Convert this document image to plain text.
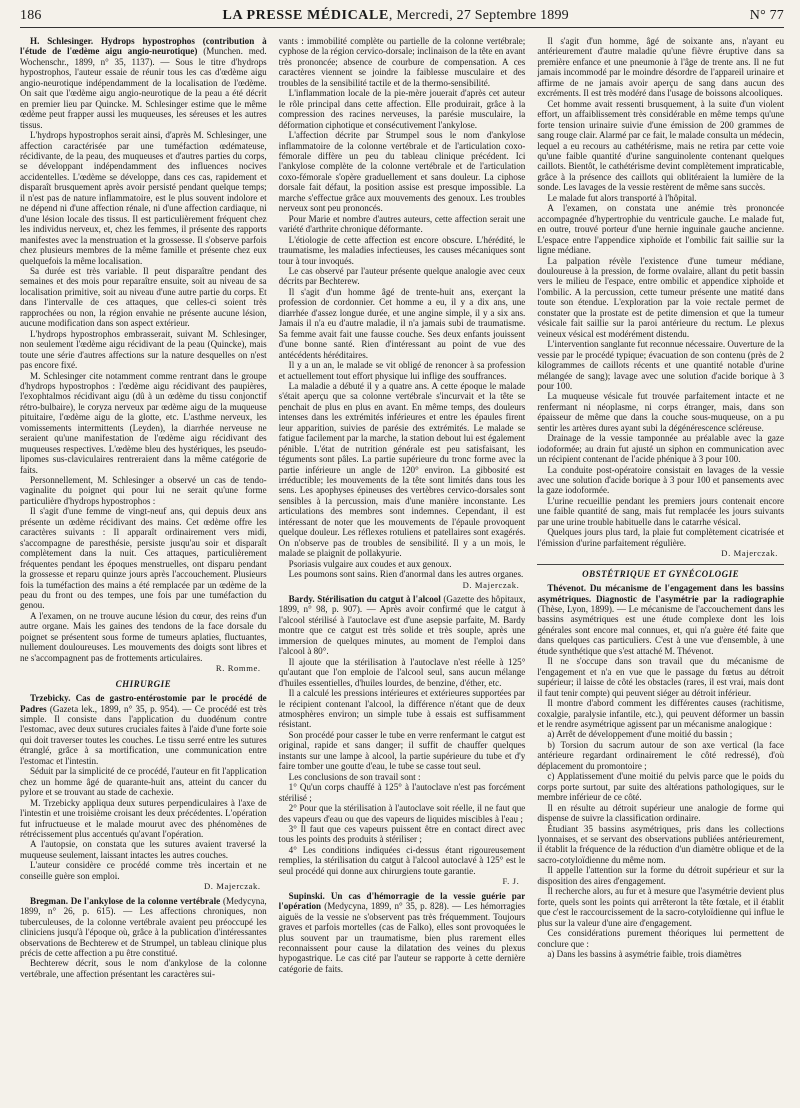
186	LA PRESSE MÉDICALE, Mercredi, 27 Septembre 1899	N° 77

H. Schlesinger. Hydrops hypostrophos (contribution à l'étude de l'œdème aigu angio-neurotique) (Munchen. med. Wochenschr., 1899, n° 35, 1137). — Sous le titre d'hydrops hypostrophos, l'auteur essaie de réunir tous les cas d'œdème aigu angio-neurotique indépendamment de la localisation de l'œdème. On sait que l'œdème aigu angio-neurotique de la peau a été décrit en premier lieu par Quincke. M. Schlesinger estime que le même œdème peut frapper aussi les muqueuses, les séreuses et les autres tissus.

L'hydrops hypostrophos serait ainsi, d'après M. Schlesinger, une affection caractérisée par une tuméfaction œdémateuse, récidivante, de la peau, des muqueuses et d'autres parties du corps, se développant indépendamment des influences nocives accidentelles. L'œdème se développe, dans ces cas, rapidement et disparaît brusquement après avoir persisté pendant quelque temps; il n'est pas de nature inflammatoire, est le plus souvent indolore et ne dépend ni d'une affection rénale, ni d'une affection cardiaque, ni d'une lésion locale des tissus. Il est particulièrement fréquent chez les individus nerveux, et, chez les femmes, il présente des rapports manifestes avec la menstruation et la grossesse. Il s'observe parfois chez plusieurs membres de la même famille et présente chez eux quelquefois la même localisation.

Sa durée est très variable. Il peut disparaître pendant des semaines et des mois pour reparaître ensuite, soit au niveau de sa localisation primitive, soit au niveau d'une autre partie du corps. Et dans l'intervalle de ces attaques, que celles-ci soient très rapprochées ou non, la région envahie ne présente aucune lésion, aucune modification dans son aspect extérieur.

L'hydrops hypostrophos embrasserait, suivant M. Schlesinger, non seulement l'œdème aigu récidivant de la peau (Quincke), mais toute une série d'autres affections sur la nature desquelles on n'est pas encore fixé.

M. Schlesinger cite notamment comme rentrant dans le groupe d'hydrops hypostrophos : l'œdème aigu récidivant des paupières, l'exophtalmos récidivant aigu (dû à un œdème du tissu conjonctif rétro-bulbaire), le coryza nerveux par œdème aigu de la muqueuse pituitaire, l'œdème aigu de la glotte, etc. L'asthme nerveux, les vomissements intermittents (Leyden), la diarrhée nerveuse ne seraient qu'une manifestation de l'œdème aigu récidivant des muqueuses respectives. L'œdème bleu des hystériques, les pseudo-lipomes sus-claviculaires rentreraient dans la même catégorie de faits.

Personnellement, M. Schlesinger a observé un cas de tendo-vaginalite du poignet qui pour lui ne serait qu'une forme particulière d'hydrops hypostrophos :

Il s'agit d'une femme de vingt-neuf ans, qui depuis deux ans présente un œdème récidivant des mains. Cet œdème offre les caractères suivants : Il apparaît ordinairement vers midi, s'accompagne de paresthésie, persiste jusqu'au soir et disparaît complètement dans la nuit. Ces attaques, particulièrement fréquentes pendant les époques menstruelles, ont disparu pendant la grossesse et reparu quinze jours après l'accouchement. Plusieurs fois la tuméfaction des mains a été remplacée par un œdème de la peau du front ou des tempes, une fois par une tuméfaction du genou.

A l'examen, on ne trouve aucune lésion du cœur, des reins d'un autre organe. Mais les gaines des tendons de la face dorsale du poignet se présentent sous forme de tumeurs aplaties, fluctuantes, nullement douloureuses. Les mouvements des doigts sont libres et ne s'accompagnent pas de frottements articulaires.

R. Romme.
CHIRURGIE

Trzebicky. Cas de gastro-entérostomie par le procédé de Padres (Gazeta lek., 1899, n° 35, p. 954). — Ce procédé est très simple. Il consiste dans l'application du duodénum contre l'estomac, avec deux sutures cruciales faites à l'aide d'une forte soie qui doit traverser toutes les couches. Le tissu serré entre les sutures étranglé, grâce à sa mortification, une communication entre l'estomac et l'intestin.

Séduit par la simplicité de ce procédé, l'auteur en fit l'application chez un homme âgé de quarante-huit ans, atteint du cancer du pylore et se trouvant au stade de cachexie.

M. Trzebicky appliqua deux sutures perpendiculaires à l'axe de l'intestin et une troisième croisant les deux précédentes. L'opération fut infructueuse et le malade mourut avec des phénomènes de rétrécissement plus accentués qu'avant l'opération.

A l'autopsie, on constata que les sutures avaient traversé la muqueuse seulement, laissant intactes les autres couches.

L'auteur considère ce procédé comme très incertain et ne conseille guère son emploi.

D. Majerczak.

Bregman. De l'ankylose de la colonne vertébrale (Medycyna, 1899, n° 26, p. 615). — Les affections chroniques, non tuberculeuses, de la colonne vertébrale avaient peu préoccupé les cliniciens jusqu'à l'époque où, grâce à la publication d'intéressantes observations de Bechterew et de Strumpel, un tableau clinique plus précis de cette affection a pu être constitué.

Bechterew décrit, sous le nom d'ankylose de la colonne vertébrale, une affection présentant les caractères sui-

vants : immobilité complète ou partielle de la colonne vertébrale; cyphose de la région cervico-dorsale; inclinaison de la tête en avant très prononcée; absence de courbure de compensation. A ces caractères viennent se joindre la faiblesse musculaire et des troubles de la sensibilité tactile et de la thermo-sensibilité.

L'inflammation locale de la pie-mère jouerait d'après cet auteur le rôle principal dans cette affection. Elle produirait, grâce à la compression des racines nerveuses, la parésie musculaire, la déformation ciphotique et consécutivement l'ankylose.

L'affection décrite par Strumpel sous le nom d'ankylose inflammatoire de la colonne vertébrale et de l'articulation coxo-fémorale diffère un peu du tableau clinique précédent. Ici l'ankylose complète de la colonne vertébrale et de l'articulation coxo-fémorale s'opère graduellement et sans douleur. La ciphose dorsale fait défaut, la position assise est presque impossible. La marche s'effectue grâce aux mouvements des genoux. Les troubles nerveux sont peu prononcés.

Pour Marie et nombre d'autres auteurs, cette affection serait une variété d'arthrite chronique déformante.

L'étiologie de cette affection est encore obscure. L'hérédité, le traumatisme, les maladies infectieuses, les causes mécaniques sont tour à tour invoqués.

Le cas observé par l'auteur présente quelque analogie avec ceux décrits par Bechterew.

Il s'agit d'un homme âgé de trente-huit ans, exerçant la profession de cordonnier. Cet homme a eu, il y a dix ans, une diarrhée d'assez longue durée, et une angine simple, il y a six ans. Jamais il n'a eu d'autre maladie, il n'a jamais subi de traumatisme. Sa femme avait fait une fausse couche. Ses deux enfants jouissent d'une bonne santé. Rien d'intéressant au point de vue des antécédents héréditaires.

Il y a un an, le malade se vit obligé de renoncer à sa profession et actuellement tout effort physique lui inflige des souffrances.

La maladie a débuté il y a quatre ans. A cette époque le malade s'était aperçu que sa colonne vertébrale s'incurvait et la tête se penchait de plus en plus en avant. En même temps, des douleurs intenses dans les extrémités inférieures et entre les épaules firent leur apparition, suivies de parésie des extrémités. Le malade se fatigue facilement par la marche, la station debout lui est également pénible. L'état de nutrition générale est peu satisfaisant, les téguments sont pâles. La partie supérieure du tronc forme avec la partie inférieure un angle de 120° environ. La gibbosité est irréductible; les mouvements de la tête sont limités dans tous les sens. Les apophyses épineuses des vertèbres cervico-dorsales sont sensibles à la percussion, mais d'une manière inconstante. Les articulations des membres sont indemnes. Cependant, il est intéressant de noter que les mouvements de l'épaule provoquent quelque douleur. Les réflexes rotuliens et patellaires sont exagérés. On n'observe pas de troubles de sensibilité. Il y a un mois, le malade se plaignit de pollakyurie.

Psoriasis vulgaire aux coudes et aux genoux.

Les poumons sont sains. Rien d'anormal dans les autres organes.

D. Majerczak.

Bardy. Stérilisation du catgut à l'alcool (Gazette des hôpitaux, 1899, n° 98, p. 907). — Après avoir confirmé que le catgut à l'alcool stérilisé à l'autoclave est d'une asepsie parfaite, M. Bardy montre que ce catgut est très solide et très souple, après une immersion de quelques minutes, au moment de l'emploi dans l'alcool à 80°.

Il ajoute que la stérilisation à l'autoclave n'est réelle à 125° qu'autant que l'on emploie de l'alcool seul, sans aucun mélange d'huiles essentielles, d'huiles lourdes, de benzine, d'éther, etc.

Il a calculé les pressions intérieures et extérieures supportées par le récipient contenant l'alcool, la différence n'étant que de deux atmosphères environ; un simple tube à essais est suffisamment résistant.

Son procédé pour casser le tube en verre renfermant le catgut est original, rapide et sans danger; il suffit de chauffer quelques instants sur une lampe à alcool, la partie supérieure du tube et d'y faire tomber une goutte d'eau, le tube se casse tout seul.

Les conclusions de son travail sont :

1° Qu'un corps chauffé à 125° à l'autoclave n'est pas forcément stérilisé ;

2° Pour que la stérilisation à l'autoclave soit réelle, il ne faut que des vapeurs d'eau ou que des vapeurs de liquides miscibles à l'eau ;

3° Il faut que ces vapeurs puissent être en contact direct avec tous les points des produits à stériliser ;

4° Les conditions indiquées ci-dessus étant rigoureusement remplies, la stérilisation du catgut à l'alcool autoclavé à 125° est le seul procédé qui donne aux chirurgiens toute garantie.

F. J.

Supinski. Un cas d'hémorragie de la vessie guérie par l'opération (Medycyna, 1899, n° 35, p. 828). — Les hémorragies aiguës de la vessie ne s'observent pas très fréquemment. Toujours graves et parfois mortelles (cas de Falko), elles sont provoquées le plus souvent par un traumatisme, bien plus rarement elles reconnaissent pour cause la dilatation des veines du plexus hypogastrique. Le cas cité par l'auteur se rapporte à cette dernière catégorie de faits.

Il s'agit d'un homme, âgé de soixante ans, n'ayant eu antérieurement d'autre maladie qu'une fièvre éruptive dans sa première enfance et une pneumonie à l'âge de trente ans. Il ne fut jamais incommodé par le moindre désordre de l'appareil urinaire et affirme de ne jamais avoir aperçu de sang dans aucun des excréments. Il est très modéré dans l'usage de boissons alcooliques.

Cet homme avait ressenti brusquement, à la suite d'un violent effort, un affaiblissement très considérable en même temps qu'une forte tension urinaire suivie d'une émission de 200 grammes de sang rouge clair. Alarmé par ce fait, le malade consulta un médecin, lequel a eu recours au cathétérisme, mais ne retira par cette voie qu'une faible quantité d'urine sanguinolente contenant quelques caillots. Bientôt, le cathétérisme devint complètement impraticable, grâce à la présence des caillots qui oblitéraient la lumière de la sonde. Les lavages de la vessie restèrent de même sans succès.

Le malade fut alors transporté à l'hôpital.

A l'examen, on constata une anémie très prononcée accompagnée d'hypertrophie du ventricule gauche. Le malade fut, en outre, trouvé porteur d'une hernie inguinale gauche ancienne. L'espace entre l'appendice xiphoïde et l'ombilic fait saillie sur la ligne médiane.

La palpation révèle l'existence d'une tumeur médiane, douloureuse à la pression, de forme ovalaire, allant du petit bassin vers le milieu de l'espace, entre ombilic et appendice xiphoïde et l'ombilic. A la percussion, cette tumeur présente une matité dans toute son étendue. L'exploration par la voie rectale permet de constater que la prostate est de petite dimension et que la tumeur vésicale fait saillie sur la paroi antérieure du rectum. Le plexus veineux vésical est modérément distendu.

L'intervention sanglante fut reconnue nécessaire. Ouverture de la vessie par le procédé typique; évacuation de son contenu (près de 2 kilogrammes de caillots récents et une quantité notable d'urine mélangée de sang); lavage avec une solution d'acide borique à 3 pour 100.

La muqueuse vésicale fut trouvée parfaitement intacte et ne renfermant ni néoplasme, ni corps étranger, mais, dans son épaisseur de même que dans la couche sous-muqueuse, on a pu sentir les artères dures ayant subi la dégénérescence scléreuse.

Drainage de la vessie tamponnée au préalable avec la gaze iodoformée; au drain fut ajusté un siphon en communication avec un récipient contenant de l'acide phénique à 3 pour 100.

La conduite post-opératoire consistait en lavages de la vessie avec une solution d'acide borique à 3 pour 100 et pansements avec la gaze iodoformée.

L'urine recueillie pendant les premiers jours contenait encore une faible quantité de sang, mais fut remplacée les jours suivants par une urine trouble habituelle dans le catarrhe vésical.

Quelques jours plus tard, la plaie fut complètement cicatrisée et l'émission d'urine parfaitement régulière.

D. Majerczak.
OBSTÉTRIQUE ET GYNÉCOLOGIE

Thévenot. Du mécanisme de l'engagement dans les bassins asymétriques. Diagnostic de l'asymétrie par la radiographie (Thèse, Lyon, 1899). — Le mécanisme de l'accouchement dans les bassins asymétriques est une étude complexe dont les lois générales sont encore mal connues, et, qui n'a guère été faite que dans quelques cas particuliers. C'est à une vue d'ensemble, à une étude synthétique que s'est attaché M. Thévenot.

Il ne s'occupe dans son travail que du mécanisme de l'engagement et n'a en vue que le passage du fœtus au détroit supérieur; il laisse de côté les obstacles (rares, il est vrai, mais dont il faut tenir compte) qui peuvent siéger au détroit inférieur.

Il montre d'abord comment les différentes causes (rachitisme, coxalgie, paralysie infantile, etc.), qui peuvent déformer un bassin et le rendre asymétrique agissent par un mécanisme analogique :

a) Arrêt de développement d'une moitié du bassin ;

b) Torsion du sacrum autour de son axe vertical (la face antérieure regardant ordinairement le côté redressé), d'où déplacement du promontoire ;

c) Applatissement d'une moitié du pelvis parce que le poids du corps porte surtout, par suite des altérations pathologiques, sur le membre inférieur de ce côté.

Il en résulte au détroit supérieur une analogie de forme qui dispense de suivre la classification ordinaire.

Étudiant 35 bassins asymétriques, pris dans les collections lyonnaises, et se servant des observations publiées antérieurement, il établit la fréquence de la réduction d'un diamètre oblique et de la sacro-cotyloïdienne du même nom.

Il appelle l'attention sur la forme du détroit supérieur et sur la disposition des aires d'engagement.

Il recherche alors, au fur et à mesure que l'asymétrie devient plus forte, quels sont les points qui arrêteront la tête fœtale, et il établit que c'est le raccourcissement de la sacro-cotyloïdienne qui influe le plus sur la valeur d'une aire d'engagement.

Ces considérations purement théoriques lui permettent de conclure que :

a) Dans les bassins à asymétrie faible, trois diamètres
